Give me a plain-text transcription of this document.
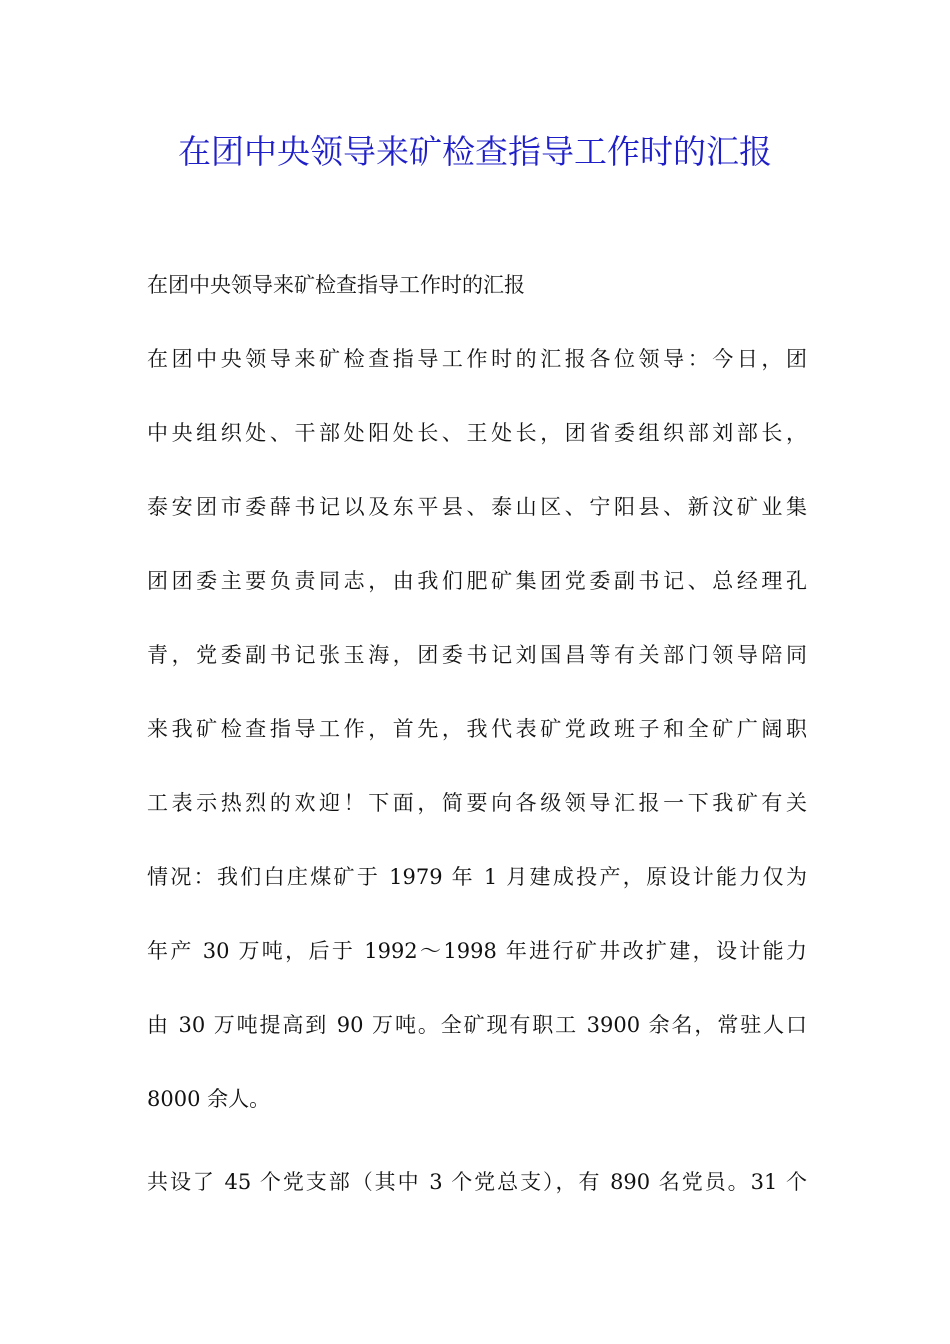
在团中央领导来矿检查指导工作时的汇报
在团中央领导来矿检查指导工作时的汇报
在团中央领导来矿检查指导工作时的汇报各位领导：今日，团
中央组织处、干部处阳处长、王处长，团省委组织部刘部长，
泰安团市委薛书记以及东平县、泰山区、宁阳县、新汶矿业集
团团委主要负责同志，由我们肥矿集团党委副书记、总经理孔
青，党委副书记张玉海，团委书记刘国昌等有关部门领导陪同
来我矿检查指导工作，首先，我代表矿党政班子和全矿广阔职
工表示热烈的欢迎！下面，简要向各级领导汇报一下我矿有关
情况：我们白庄煤矿于 1979 年 1 月建成投产，原设计能力仅为
年产 30 万吨，后于 1992～1998 年进行矿井改扩建，设计能力
由 30 万吨提高到 90 万吨。全矿现有职工 3900 余名，常驻人口
8000 余人。
共设了 45 个党支部（其中 3 个党总支），有 890 名党员。31 个
